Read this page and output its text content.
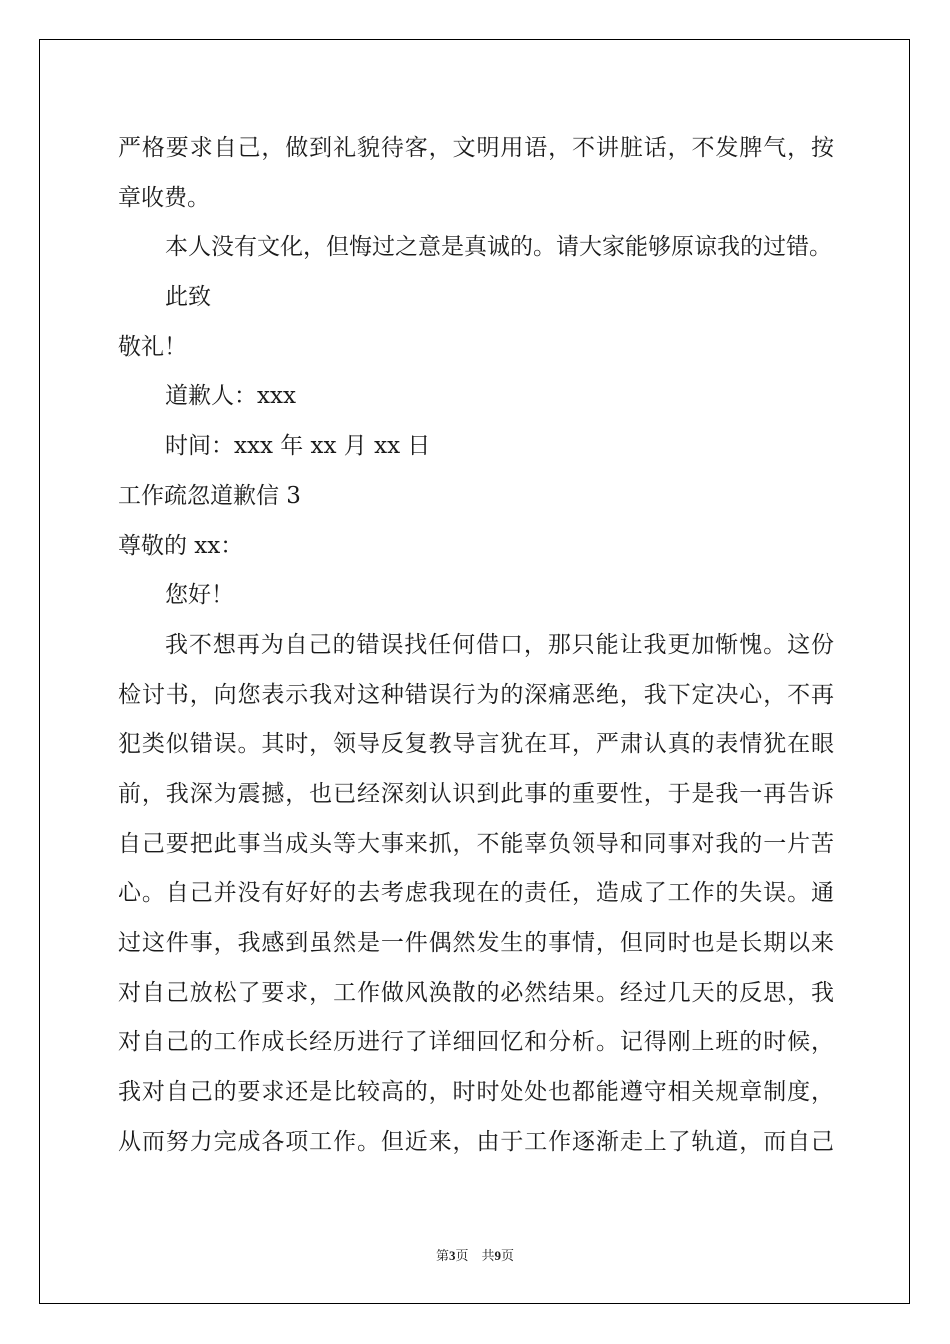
严格要求自己，做到礼貌待客，文明用语，不讲脏话，不发脾气，按
章收费。
本人没有文化，但悔过之意是真诚的。请大家能够原谅我的过错。
此致
敬礼！
道歉人：xxx
时间：xxx 年 xx 月 xx 日
工作疏忽道歉信 3
尊敬的 xx：
您好！
我不想再为自己的错误找任何借口，那只能让我更加惭愧。这份
检讨书，向您表示我对这种错误行为的深痛恶绝，我下定决心，不再
犯类似错误。其时，领导反复教导言犹在耳，严肃认真的表情犹在眼
前，我深为震撼，也已经深刻认识到此事的重要性，于是我一再告诉
自己要把此事当成头等大事来抓，不能辜负领导和同事对我的一片苦
心。自己并没有好好的去考虑我现在的责任，造成了工作的失误。通
过这件事，我感到虽然是一件偶然发生的事情，但同时也是长期以来
对自己放松了要求，工作做风涣散的必然结果。经过几天的反思，我
对自己的工作成长经历进行了详细回忆和分析。记得刚上班的时候，
我对自己的要求还是比较高的，时时处处也都能遵守相关规章制度，
从而努力完成各项工作。但近来，由于工作逐渐走上了轨道，而自己
第3页　共9页
